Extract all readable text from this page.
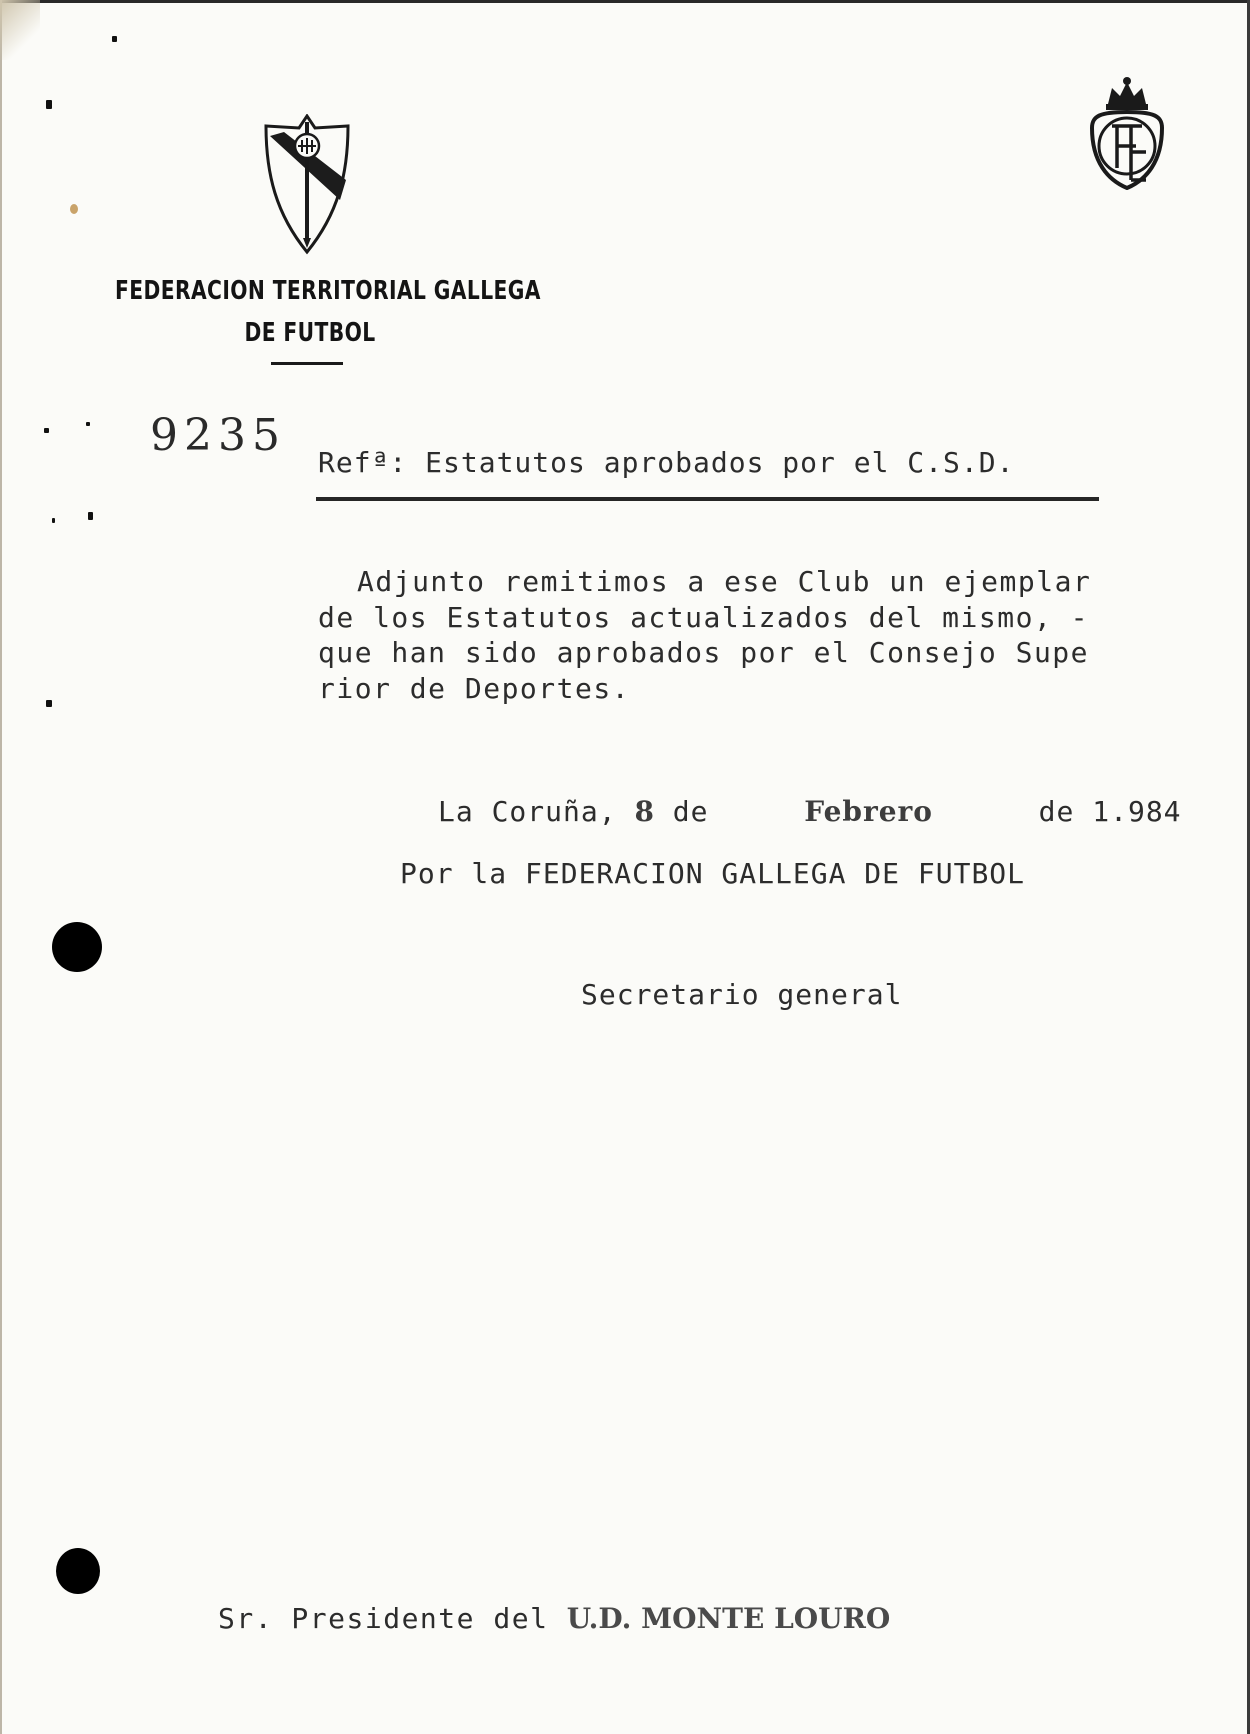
FEDERACION TERRITORIAL GALLEGA
DE FUTBOL
9235
Refª: Estatutos aprobados por el C.S.D.
Adjunto remitimos a ese Club un ejemplar
de los Estatutos actualizados del mismo, -
que han sido aprobados por el Consejo Supe
rior de Deportes.
La Coruña, 8 de	Febrero	de 1.984
Por la FEDERACION GALLEGA DE FUTBOL
Secretario general
Sr. Presidente del U.D. MONTE LOURO
